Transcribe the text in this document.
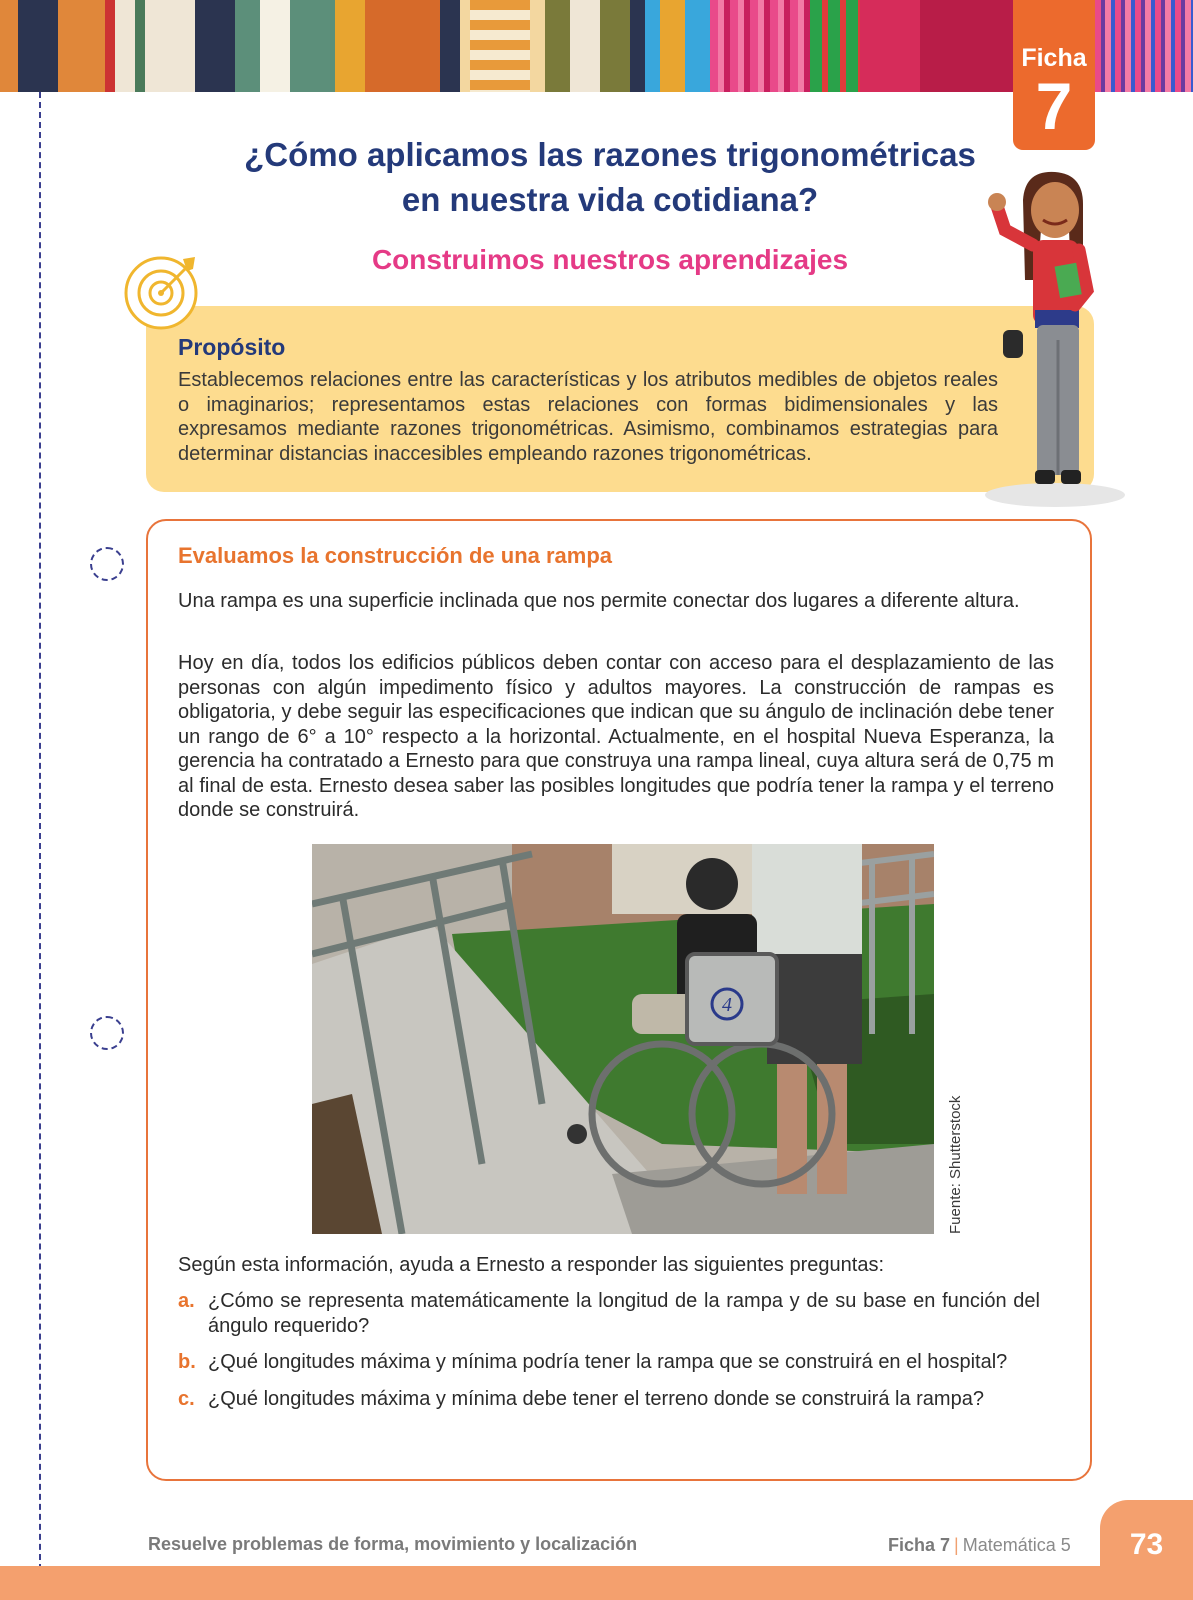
Ficha
7
¿Cómo aplicamos las razones trigonométricas
en nuestra vida cotidiana?
Construimos nuestros aprendizajes
Propósito

Establecemos relaciones entre las características y los atributos medibles de objetos reales o imaginarios; representamos estas relaciones con formas bidimensionales y las expresamos mediante razones trigonométricas. Asimismo, combinamos estrategias para determinar distancias inaccesibles empleando razones trigonométricas.

Evaluamos la construcción de una rampa

Una rampa es una superficie inclinada que nos permite conectar dos lugares a diferente altura.

Hoy en día, todos los edificios públicos deben contar con acceso para el desplazamiento de las personas con algún impedimento físico y adultos mayores. La construcción de rampas es obligatoria, y debe seguir las especificaciones que indican que su ángulo de inclinación debe tener un rango de 6° a 10° respecto a la horizontal. Actualmente, en el hospital Nueva Esperanza, la gerencia ha contratado a Ernesto para que construya una rampa lineal, cuya altura será de 0,75 m al final de esta. Ernesto desea saber las posibles longitudes que podría tener la rampa y el terreno donde se construirá.

4
Fuente: Shutterstock

Según esta información, ayuda a Ernesto a responder las siguientes preguntas:

a. ¿Cómo se representa matemáticamente la longitud de la rampa y de su base en función del ángulo requerido?
b. ¿Qué longitudes máxima y mínima podría tener la rampa que se construirá en el hospital?
c. ¿Qué longitudes máxima y mínima debe tener el terreno donde se construirá la rampa?
Resuelve problemas de forma, movimiento y localización	Ficha 7 | Matemática 5	73
